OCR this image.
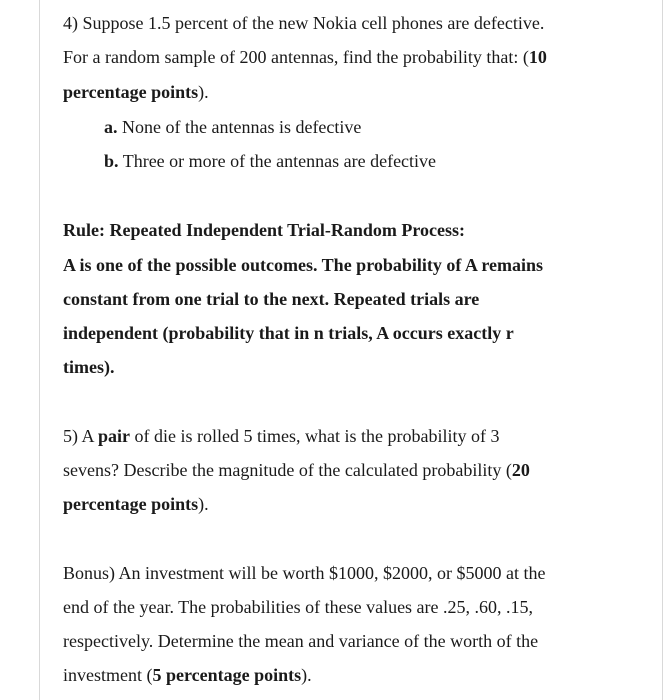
4) Suppose 1.5 percent of the new Nokia cell phones are defective.
For a random sample of 200 antennas, find the probability that: (10
percentage points).
a. None of the antennas is defective
b. Three or more of the antennas are defective
Rule: Repeated Independent Trial-Random Process:
A is one of the possible outcomes. The probability of A remains
constant from one trial to the next. Repeated trials are
independent (probability that in n trials, A occurs exactly r
times).
5) A pair of die is rolled 5 times, what is the probability of 3
sevens? Describe the magnitude of the calculated probability (20
percentage points).
Bonus) An investment will be worth $1000, $2000, or $5000 at the
end of the year. The probabilities of these values are .25, .60, .15,
respectively. Determine the mean and variance of the worth of the
investment (5 percentage points).
